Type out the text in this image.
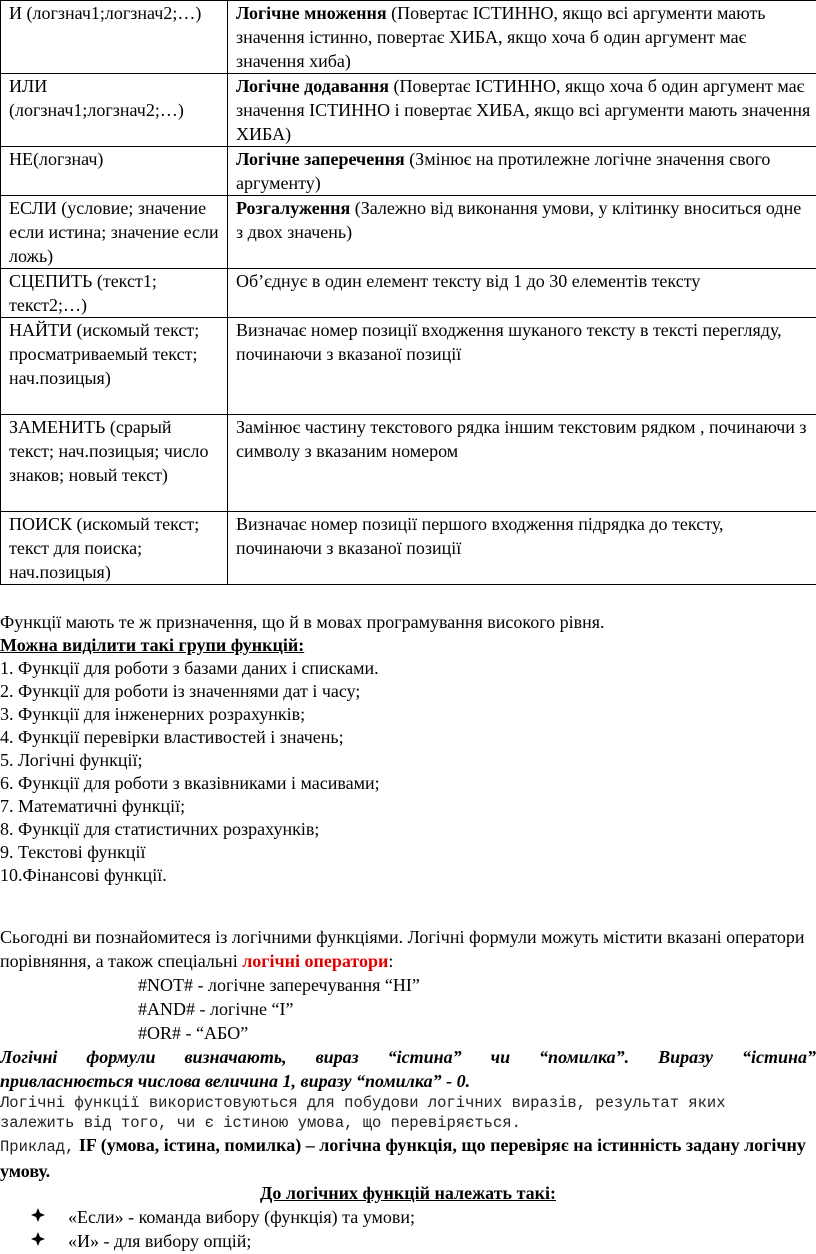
И (логзнач1;логзнач2;…)	Логічне множення (Повертає ІСТИННО, якщо всі аргументи мають значення істинно, повертає ХИБА, якщо хоча б один аргумент має значення хиба)
ИЛИ (логзнач1;логзнач2;…)	Логічне додавання (Повертає ІСТИННО, якщо хоча б один аргумент має значення ІСТИННО і повертає ХИБА, якщо всі аргументи мають значення ХИБА)
НЕ(логзнач)	Логічне заперечення (Змінює на протилежне логічне значення свого аргументу)
ЕСЛИ (условие; значение если истина; значение если ложь)	Розгалуження (Залежно від виконання умови, у клітинку вноситься одне з двох значень)
СЦЕПИТЬ (текст1; текст2;…)	Об’єднує в один елемент тексту від 1 до 30 елементів тексту
НАЙТИ (искомый текст; просматриваемый текст; нач.позицыя)	Визначає номер позиції входження шуканого тексту в тексті перегляду, починаючи з вказаної позиції
ЗАМЕНИТЬ (срарый текст; нач.позицыя; число знаков; новый текст)	Замінює частину текстового рядка іншим текстовим рядком , починаючи з символу з вказаним номером
ПОИСК (искомый текст; текст для поиска; нач.позицыя)	Визначає номер позиції першого входження підрядка до тексту, починаючи з вказаної позиції
Функції мають те ж призначення, що й в мовах програмування високого рівня.
Можна виділити такі групи функцій:
1. Функції для роботи з базами даних і списками.
2. Функції для роботи із значеннями дат і часу;
3. Функції для інженерних розрахунків;
4. Функції перевірки властивостей і значень;
5. Логічні функції;
6. Функції для роботи з вказівниками і масивами;
7. Математичні функції;
8. Функції для статистичних розрахунків;
9. Текстові функції
10.Фінансові функції.
Сьогодні ви познайомитеся із логічними функціями. Логічні формули можуть містити вказані оператори порівняння, а також спеціальні логічні оператори:
#NOT# - логічне заперечування “НІ”
#AND# - логічне “І”
#OR# - “АБО”
Логічні формули визначають, вираз “істина” чи “помилка”. Виразу “істина”
привласнюється числова величина 1, виразу “помилка” - 0.
Логічні функції використовуються для побудови логічних виразів, результат яких залежить від того, чи є істиною умова, що перевіряється.
Приклад, IF (умова, істина, помилка) – логічна функція, що перевіряє на істинність задану логічну умову.
До логічних функцій належать такі:
«Если» - команда вибору (функція) та умови;
«И» - для вибору опцій;
